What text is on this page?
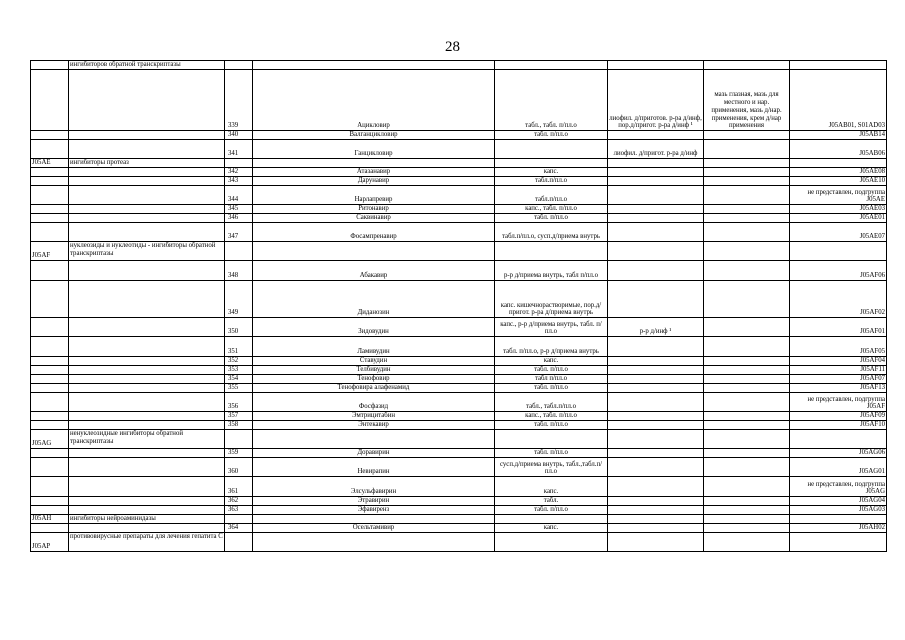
28
	ингибиторов обратной транскриптазы						
		339	Ацикловир	табл., табл. п/пл.о	лиофил. д/приготов. р-ра д/инф, пор.д/пригот. р-ра д/инф ¹	мазь глазная, мазь для местного и нар. применения, мазь д/нар. применения, крем д/нар применения	J05AB01, S01AD03
		340	Валганцикловир	табл. п/пл.о			J05AB14
		341	Ганцикловир		лиофил. д/пригот. р-ра д/инф		J05AB06
J05AE	ингибиторы протеаз						
		342	Атазанавир	капс.			J05AE08
		343	Дарунавир	табл.п/пл.о			J05AE10
		344	Нарлапревир	табл.п/пл.о			не представлен, подгруппа J05AE
		345	Ритонавир	капс., табл. п/пл.о			J05AE03
		346	Саквинавир	табл. п/пл.о			J05AE01
		347	Фосампренавир	табл.п/пл.о, сусп.д/приема внутрь			J05AE07
J05AF	нуклеозиды и нуклеотиды - ингибиторы обратной транскриптазы						
		348	Абакавир	р-р д/приема внутрь, табл п/пл.о			J05AF06
		349	Диданозин	капс. кишечнорастворимые, пор.д/пригот. р-ра д/приема внутрь			J05AF02
		350	Зидовудин	капс., р-р д/приема внутрь, табл. п/пл.о	р-р д/инф ¹		J05AF01
		351	Ламивудин	табл. п/пл.о, р-р д/приема внутрь			J05AF05
		352	Ставудин	капс.			J05AF04
		353	Телбивудин	табл. п/пл.о			J05AF11
		354	Тенофовир	табл п/пл.о			J05AF07
		355	Тенофовира алафенамид	табл. п/пл.о			J05AF13
		356	Фосфазид	табл., табл.п/пл.о			не представлен, подгруппа J05AF
		357	Эмтрицитабин	капс., табл. п/пл.о			J05AF09
		358	Энтекавир	табл. п/пл.о			J05AF10
J05AG	ненуклеозидные ингибиторы обратной транскриптазы						
		359	Доравирин	табл. п/пл.о			J05AG06
		360	Невирапин	сусп.д/приема внутрь, табл.,табл.п/пл.о			J05AG01
		361	Элсульфавирин	капс.			не представлен, подгруппа J05AG
		362	Этравирин	табл.			J05AG04
		363	Эфавиренз	табл. п/пл.о			J05AG03
J05AH	ингибиторы нейроаминидазы						
		364	Осельтамивир	капс.			J05AH02
J05AP	противовирусные препараты для лечения гепатита С						
